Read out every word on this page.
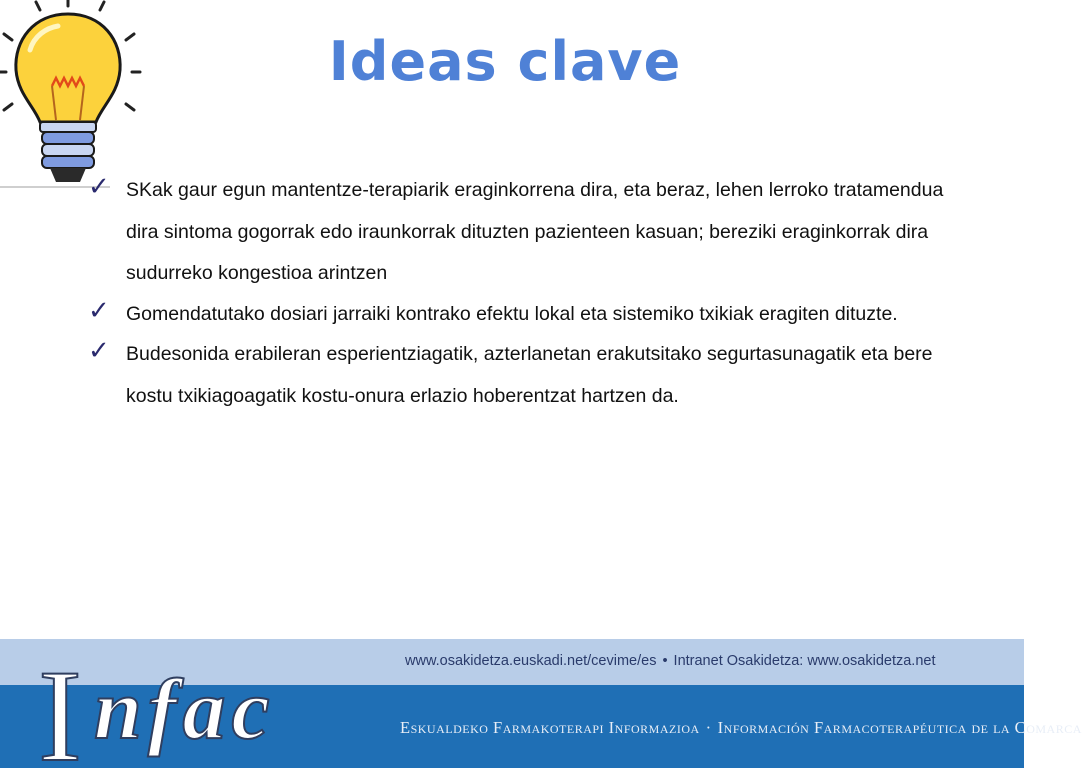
Ideas clave
✓ SKak gaur egun mantentze-terapiarik eraginkorrena dira, eta beraz, lehen lerroko tratamendua dira sintoma gogorrak edo iraunkorrak dituzten pazienteen kasuan; bereziki eraginkorrak dira sudurreko kongestioa arintzen
✓ Gomendatutako dosiari jarraiki kontrako efektu lokal eta sistemiko txikiak eragiten dituzte.
✓ Budesonida erabileran esperientziagatik, azterlanetan erakutsitako segurtasunagatik eta bere kostu txikiagoagatik kostu-onura erlazio hoberentzat hartzen da.
I nfac	www.osakidetza.euskadi.net/cevime/es • Intranet Osakidetza: www.osakidetza.net
Eskualdeko Farmakoterapi Informazioa · Información Farmacoterapéutica de la Comarca
